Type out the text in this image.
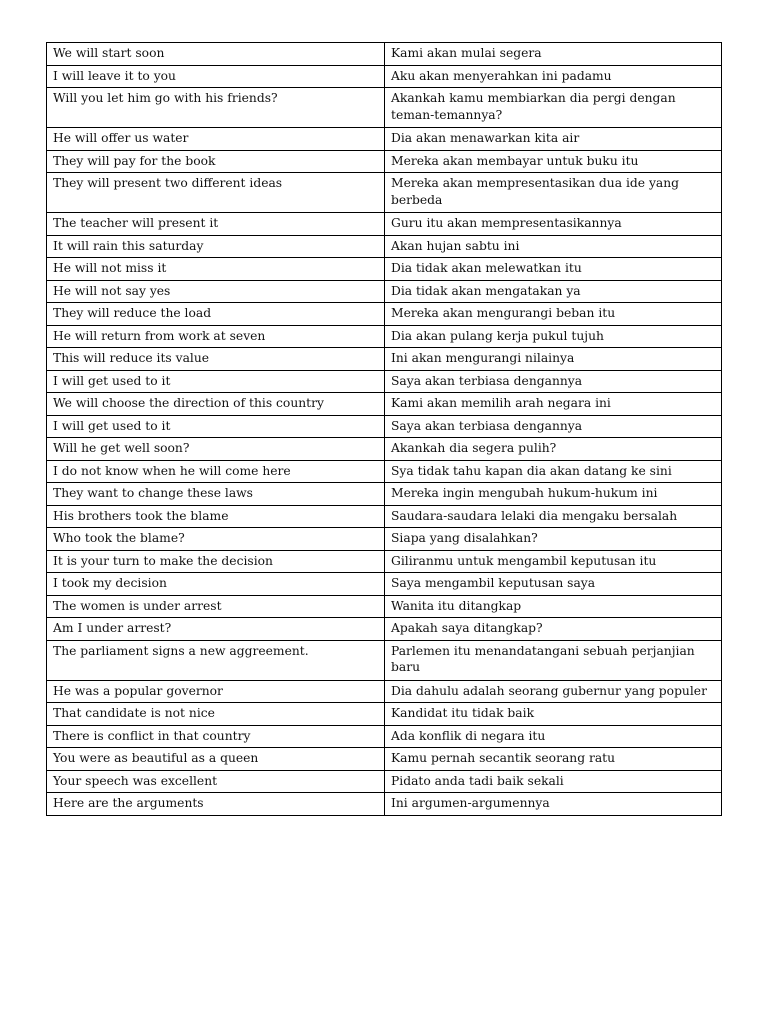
We will start soon	Kami akan mulai segera
I will leave it to you	Aku akan menyerahkan ini padamu
Will you let him go with his friends?	Akankah kamu membiarkan dia pergi dengan teman-temannya?
He will offer us water	Dia akan menawarkan kita air
They will pay for the book	Mereka akan membayar untuk buku itu
They will present two different ideas	Mereka akan mempresentasikan dua ide yang berbeda
The teacher will present it	Guru itu akan mempresentasikannya
It will rain this saturday	Akan hujan sabtu ini
He will not miss it	Dia tidak akan melewatkan itu
He will not say yes	Dia tidak akan mengatakan ya
They will reduce the load	Mereka akan mengurangi beban itu
He will return from work at seven	Dia akan pulang kerja pukul tujuh
This will reduce its value	Ini akan mengurangi nilainya
I will get used to it	Saya akan terbiasa dengannya
We will choose the direction of this country	Kami akan memilih arah negara ini
I will get used to it	Saya akan terbiasa dengannya
Will he get well soon?	Akankah dia segera pulih?
I do not know when he will come here	Sya tidak tahu kapan dia akan datang ke sini
They want to change these laws	Mereka ingin mengubah hukum-hukum ini
His brothers took the blame	Saudara-saudara lelaki dia mengaku bersalah
Who took the blame?	Siapa yang disalahkan?
It is your turn to make the decision	Giliranmu untuk mengambil keputusan itu
I took my decision	Saya mengambil keputusan saya
The women is under arrest	Wanita itu ditangkap
Am I under arrest?	Apakah saya ditangkap?
The parliament signs a new aggreement.	Parlemen itu menandatangani sebuah perjanjian baru
He was a popular governor	Dia dahulu adalah seorang gubernur yang populer
That candidate is not nice	Kandidat itu tidak baik
There is conflict in that country	Ada konflik di negara itu
You were as beautiful as a queen	Kamu pernah secantik seorang ratu
Your speech was excellent	Pidato anda tadi baik sekali
Here are the arguments	Ini argumen-argumennya
